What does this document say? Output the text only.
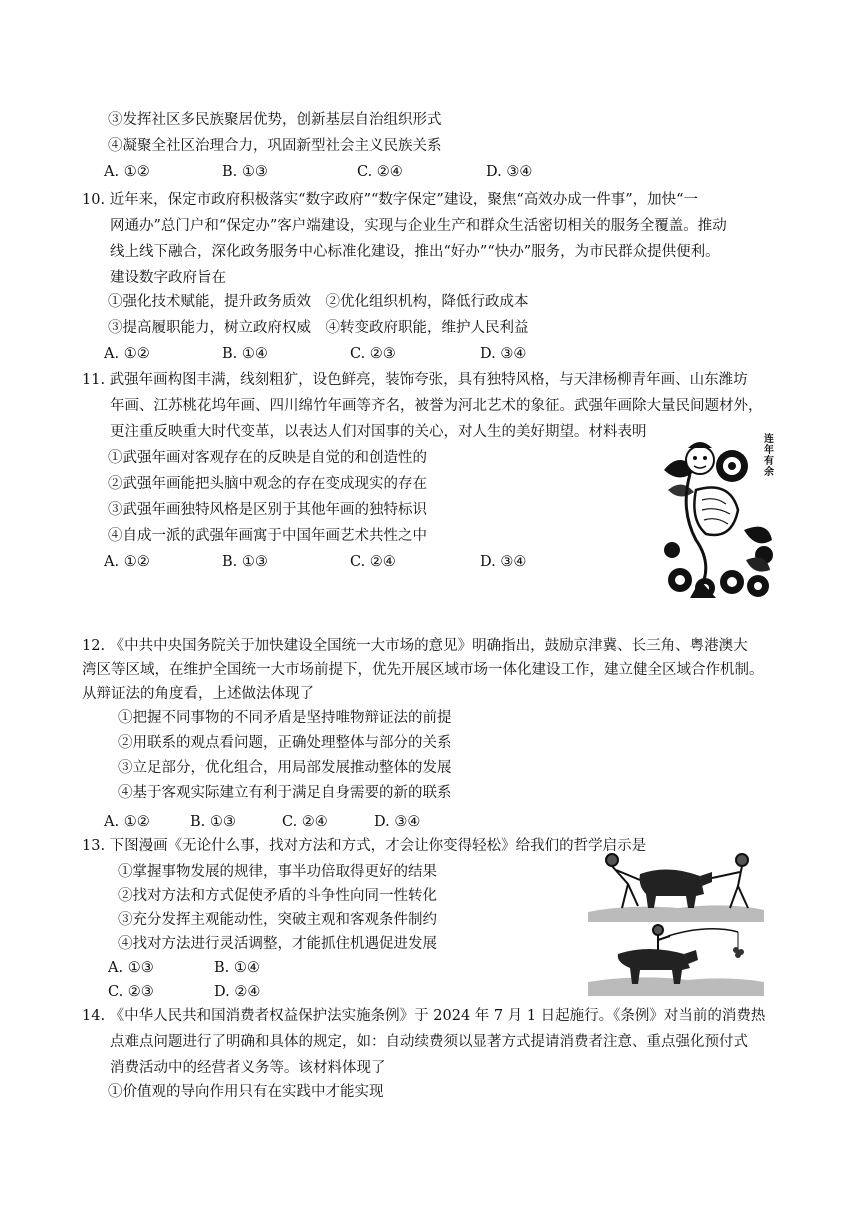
③发挥社区多民族聚居优势，创新基层自治组织形式
④凝聚全社区治理合力，巩固新型社会主义民族关系
A. ①②	B. ①③	C. ②④	D. ③④
10. 近年来，保定市政府积极落实“数字政府”“数字保定”建设，聚焦“高效办成一件事”，加快“一
网通办”总门户和“保定办”客户端建设，实现与企业生产和群众生活密切相关的服务全覆盖。推动
线上线下融合，深化政务服务中心标准化建设，推出“好办”“快办”服务，为市民群众提供便利。
建设数字政府旨在
①强化技术赋能，提升政务质效　②优化组织机构，降低行政成本
③提高履职能力，树立政府权威　④转变政府职能，维护人民利益
A. ①②	B. ①④	C. ②③	D. ③④
11. 武强年画构图丰满，线刻粗犷，设色鲜亮，装饰夸张，具有独特风格，与天津杨柳青年画、山东潍坊
年画、江苏桃花坞年画、四川绵竹年画等齐名，被誉为河北艺术的象征。武强年画除大量民间题材外，
更注重反映重大时代变革，以表达人们对国事的关心，对人生的美好期望。材料表明
①武强年画对客观存在的反映是自觉的和创造性的
②武强年画能把头脑中观念的存在变成现实的存在
③武强年画独特风格是区别于其他年画的独特标识
④自成一派的武强年画寓于中国年画艺术共性之中
A. ①②	B. ①③	C. ②④	D. ③④
连年有余
12. 《中共中央国务院关于加快建设全国统一大市场的意见》明确指出，鼓励京津冀、长三角、粤港澳大
湾区等区域，在维护全国统一大市场前提下，优先开展区域市场一体化建设工作，建立健全区域合作机制。
从辩证法的角度看，上述做法体现了
①把握不同事物的不同矛盾是坚持唯物辩证法的前提
②用联系的观点看问题，正确处理整体与部分的关系
③立足部分，优化组合，用局部发展推动整体的发展
④基于客观实际建立有利于满足自身需要的新的联系
A. ①②	B. ①③	C. ②④	D. ③④
13. 下图漫画《无论什么事，找对方法和方式，才会让你变得轻松》给我们的哲学启示是
①掌握事物发展的规律，事半功倍取得更好的结果
②找对方法和方式促使矛盾的斗争性向同一性转化
③充分发挥主观能动性，突破主观和客观条件制约
④找对方法进行灵活调整，才能抓住机遇促进发展
A. ①③	B. ①④
C. ②③	D. ②④
14. 《中华人民共和国消费者权益保护法实施条例》于 2024 年 7 月 1 日起施行。《条例》对当前的消费热
点难点问题进行了明确和具体的规定，如：自动续费须以显著方式提请消费者注意、重点强化预付式
消费活动中的经营者义务等。该材料体现了
①价值观的导向作用只有在实践中才能实现
